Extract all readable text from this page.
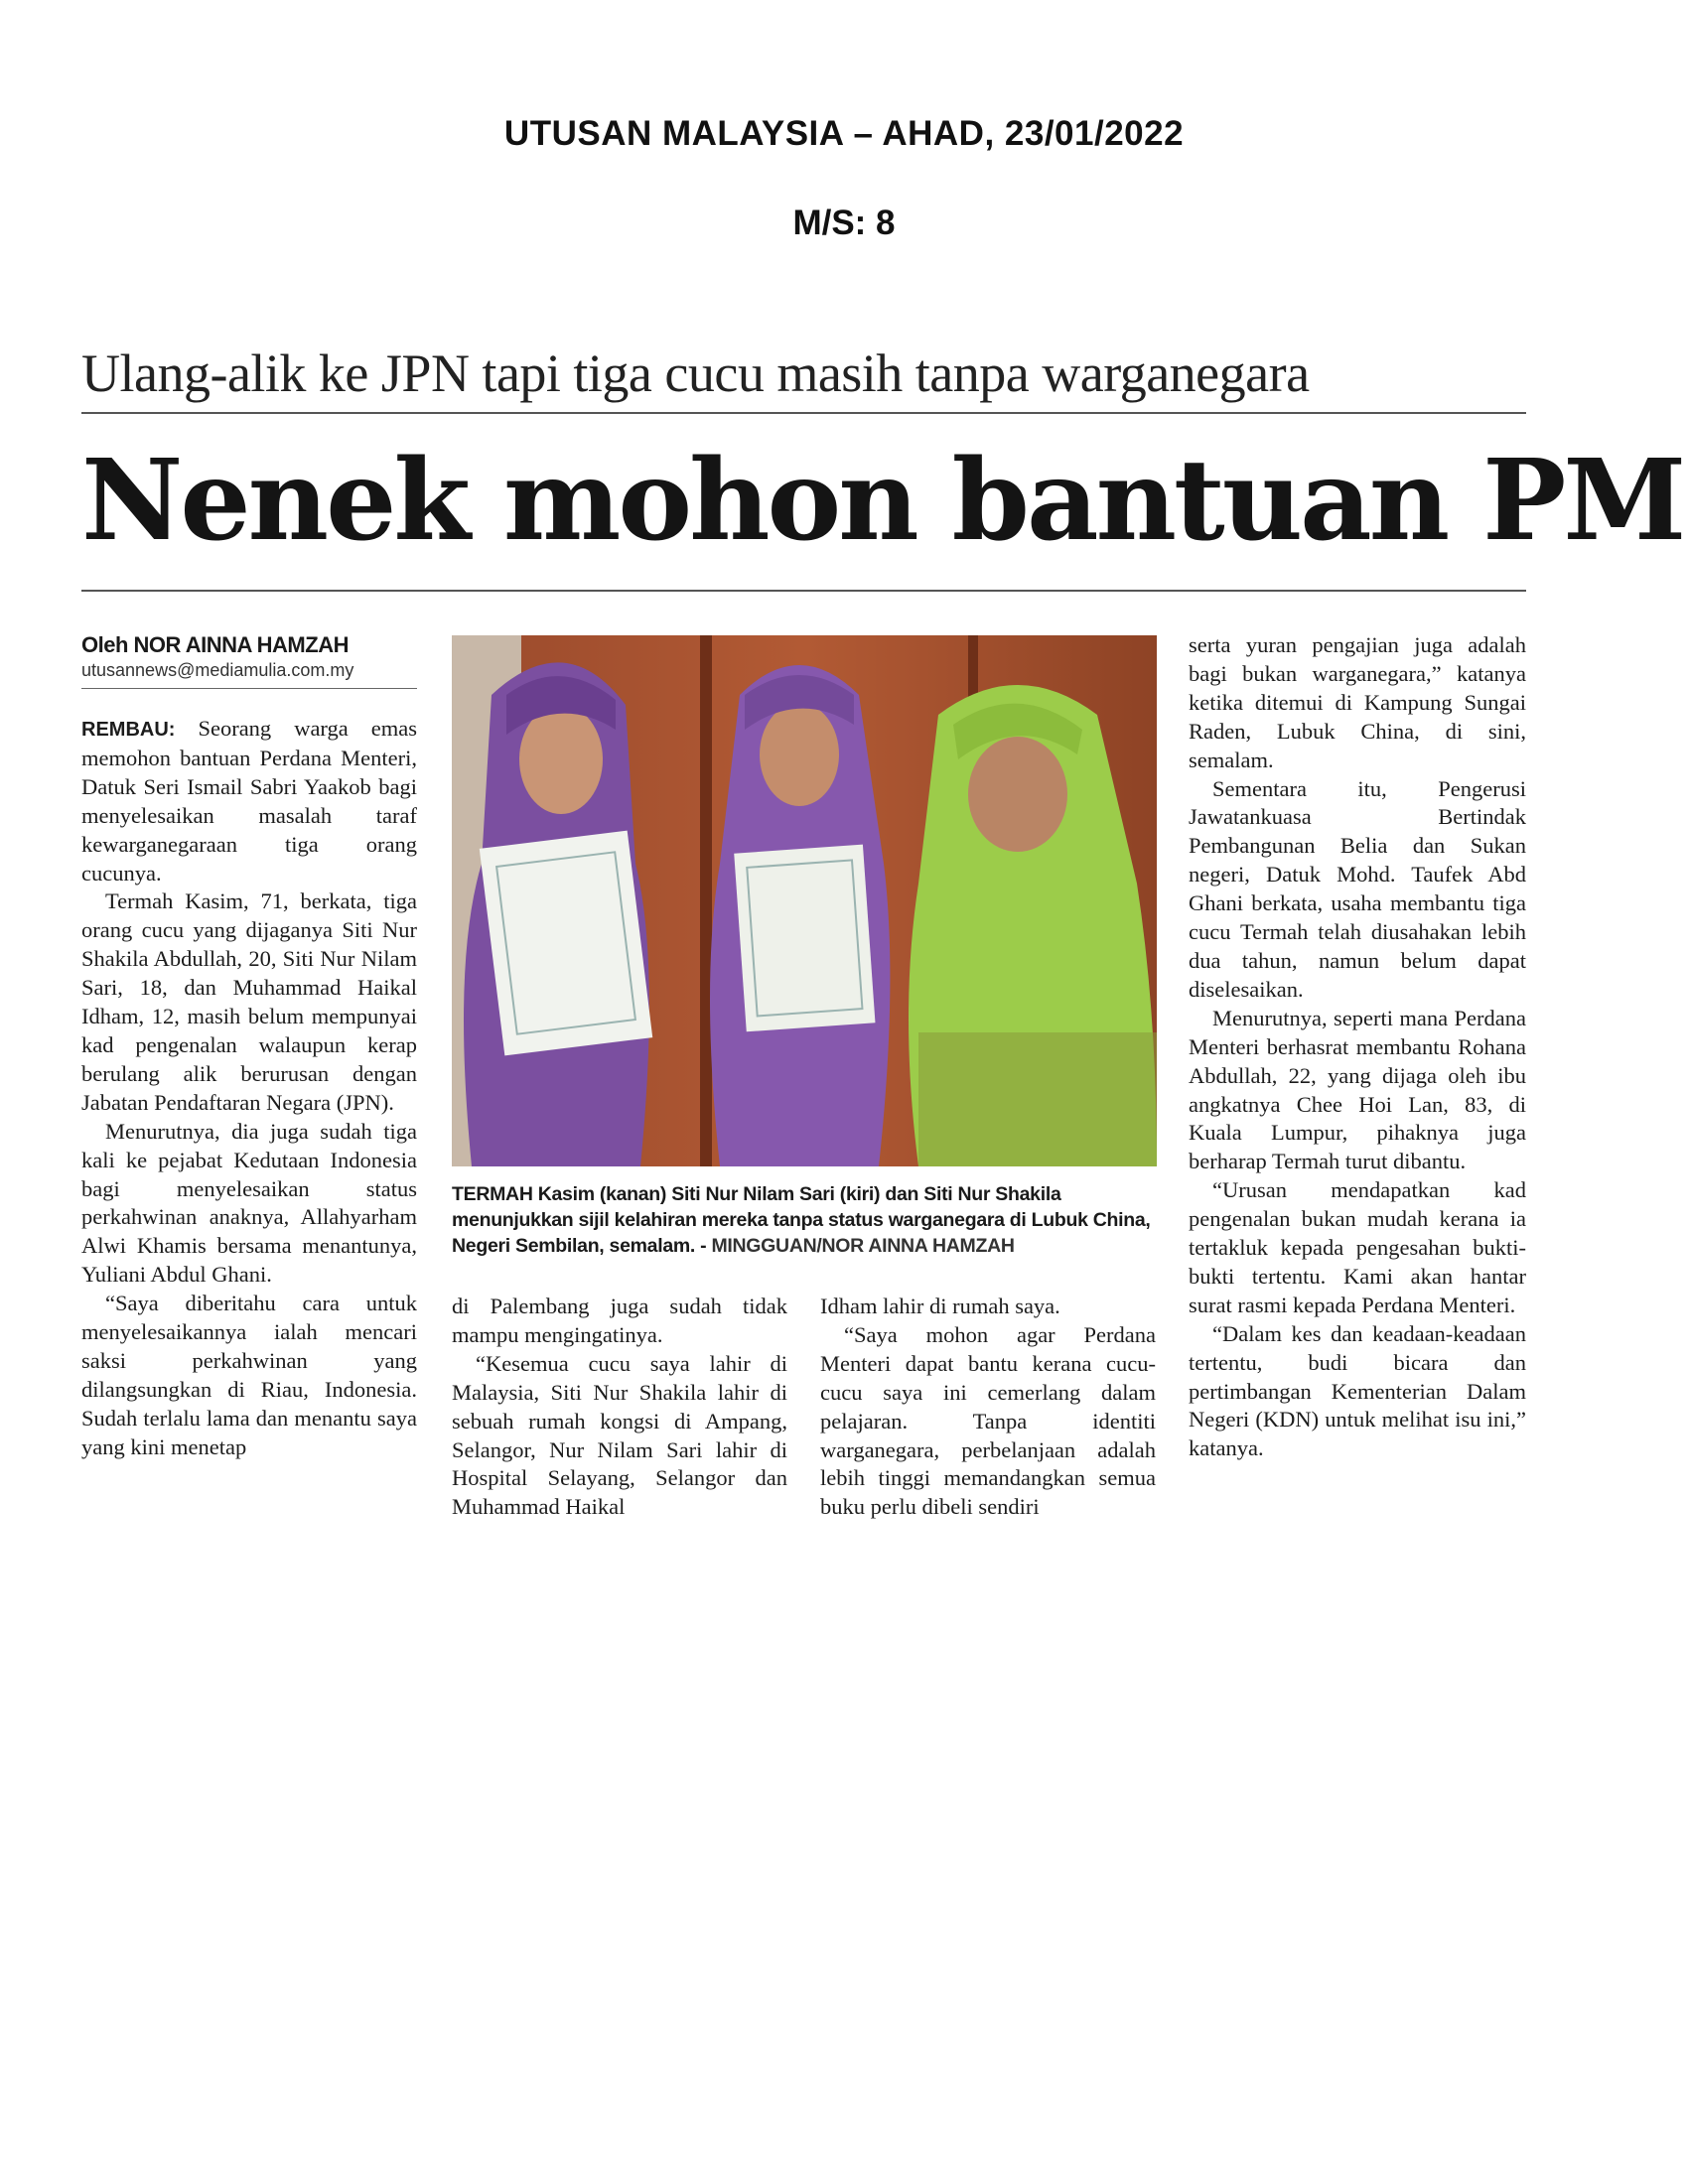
UTUSAN MALAYSIA – AHAD, 23/01/2022
M/S: 8
Ulang-alik ke JPN tapi tiga cucu masih tanpa warganegara
Nenek mohon bantuan PM
Oleh NOR AINNA HAMZAH
utusannews@mediamulia.com.my

REMBAU: Seorang warga emas memohon bantuan Perdana Menteri, Datuk Seri Ismail Sabri Yaakob bagi menyelesaikan masalah taraf kewarganegaraan tiga orang cucunya.

Termah Kasim, 71, berkata, tiga orang cucu yang dijaganya Siti Nur Shakila Abdullah, 20, Siti Nur Nilam Sari, 18, dan Muhammad Haikal Idham, 12, masih belum mempunyai kad pengenalan walaupun kerap berulang alik berurusan dengan Jabatan Pendaftaran Negara (JPN).

Menurutnya, dia juga sudah tiga kali ke pejabat Kedutaan Indonesia bagi menyelesaikan status perkahwinan anaknya, Allahyarham Alwi Khamis bersama menantunya, Yuliani Abdul Ghani.

“Saya diberitahu cara untuk menyelesaikannya ialah mencari saksi perkahwinan yang dilangsungkan di Riau, Indonesia. Sudah terlalu lama dan menantu saya yang kini menetap

TERMAH Kasim (kanan) Siti Nur Nilam Sari (kiri) dan Siti Nur Shakila menunjukkan sijil kelahiran mereka tanpa status warganegara di Lubuk China, Negeri Sembilan, semalam. - MINGGUAN/NOR AINNA HAMZAH

di Palembang juga sudah tidak mampu mengingatinya.

“Kesemua cucu saya lahir di Malaysia, Siti Nur Shakila lahir di sebuah rumah kongsi di Ampang, Selangor, Nur Nilam Sari lahir di Hospital Selayang, Selangor dan Muhammad Haikal

Idham lahir di rumah saya.

“Saya mohon agar Perdana Menteri dapat bantu kerana cucu-cucu saya ini cemerlang dalam pelajaran. Tanpa identiti warganegara, perbelanjaan adalah lebih tinggi memandangkan semua buku perlu dibeli sendiri

serta yuran pengajian juga adalah bagi bukan warganegara,” katanya ketika ditemui di Kampung Sungai Raden, Lubuk China, di sini, semalam.

Sementara itu, Pengerusi Jawatankuasa Bertindak Pembangunan Belia dan Sukan negeri, Datuk Mohd. Taufek Abd Ghani berkata, usaha membantu tiga cucu Termah telah diusahakan lebih dua tahun, namun belum dapat diselesaikan.

Menurutnya, seperti mana Perdana Menteri berhasrat membantu Rohana Abdullah, 22, yang dijaga oleh ibu angkatnya Chee Hoi Lan, 83, di Kuala Lumpur, pihaknya juga berharap Termah turut dibantu.

“Urusan mendapatkan kad pengenalan bukan mudah kerana ia tertakluk kepada pengesahan bukti-bukti tertentu. Kami akan hantar surat rasmi kepada Perdana Menteri.

“Dalam kes dan keadaan-keadaan tertentu, budi bicara dan pertimbangan Kementerian Dalam Negeri (KDN) untuk melihat isu ini,” katanya.
